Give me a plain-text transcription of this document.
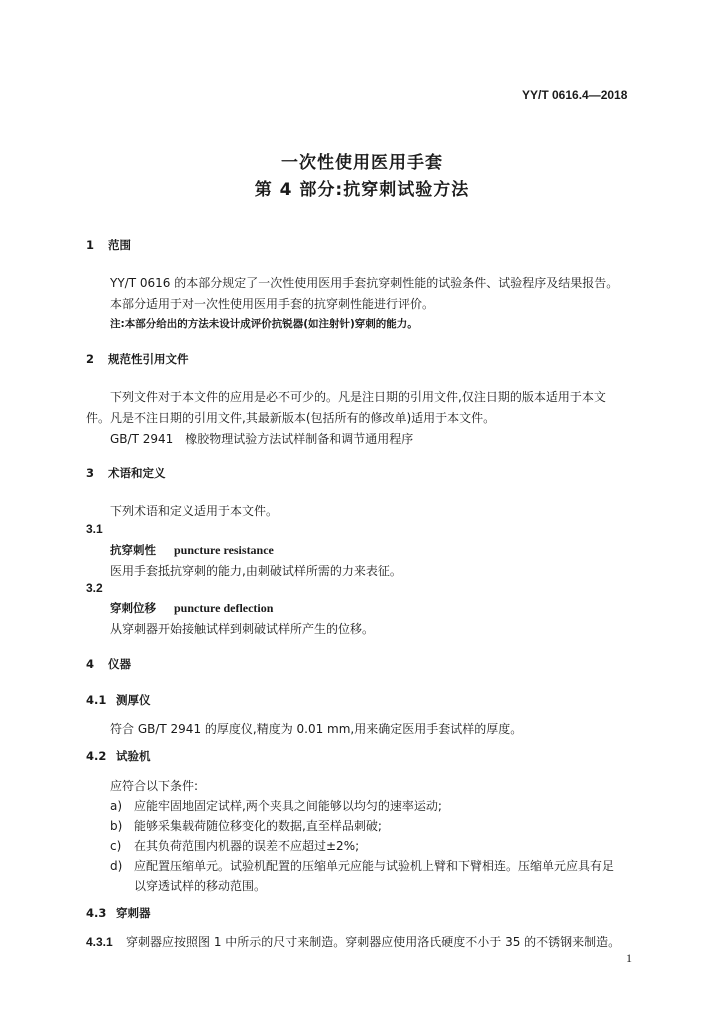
YY/T 0616.4—2018
一次性使用医用手套
第 4 部分:抗穿刺试验方法
1 范围
YY/T 0616 的本部分规定了一次性使用医用手套抗穿刺性能的试验条件、试验程序及结果报告。
本部分适用于对一次性使用医用手套的抗穿刺性能进行评价。
注:本部分给出的方法未设计成评价抗锐器(如注射针)穿刺的能力。
2 规范性引用文件
下列文件对于本文件的应用是必不可少的。凡是注日期的引用文件,仅注日期的版本适用于本文
件。凡是不注日期的引用文件,其最新版本(包括所有的修改单)适用于本文件。
GB/T 2941　橡胶物理试验方法试样制备和调节通用程序
3 术语和定义
下列术语和定义适用于本文件。
3.1
抗穿刺性 puncture resistance
医用手套抵抗穿刺的能力,由刺破试样所需的力来表征。
3.2
穿刺位移 puncture deflection
从穿刺器开始接触试样到刺破试样所产生的位移。
4 仪器
4.1 测厚仪
符合 GB/T 2941 的厚度仪,精度为 0.01 mm,用来确定医用手套试样的厚度。
4.2 试验机
应符合以下条件:
a) 应能牢固地固定试样,两个夹具之间能够以均匀的速率运动;
b) 能够采集载荷随位移变化的数据,直至样品刺破;
c) 在其负荷范围内机器的误差不应超过±2%;
d) 应配置压缩单元。试验机配置的压缩单元应能与试验机上臂和下臂相连。压缩单元应具有足
以穿透试样的移动范围。
4.3 穿刺器
4.3.1 穿刺器应按照图 1 中所示的尺寸来制造。穿刺器应使用洛氏硬度不小于 35 的不锈钢来制造。
1
